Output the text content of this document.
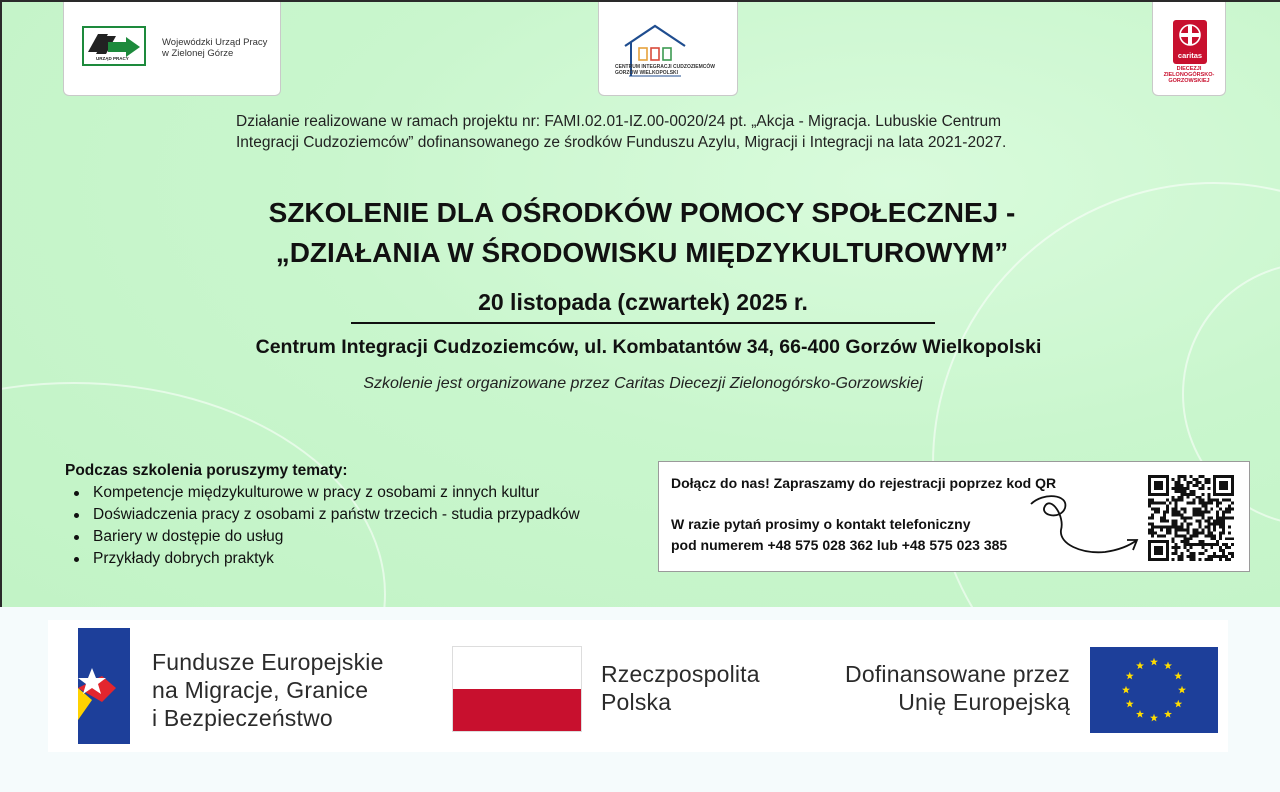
URZĄD PRACY
Wojewódzki Urząd Pracy
w Zielonej Górze
CENTRUM INTEGRACJI CUDZOZIEMCÓW
GORZÓW WIELKOPOLSKI
caritas
DIECEZJI
ZIELONOGÓRSKO-
GORZOWSKIEJ
Działanie realizowane w ramach projektu nr: FAMI.02.01-IZ.00-0020/24 pt. „Akcja - Migracja. Lubuskie Centrum
Integracji Cudzoziemców” dofinansowanego ze środków Funduszu Azylu, Migracji i Integracji na lata 2021-2027.
SZKOLENIE DLA OŚRODKÓW POMOCY SPOŁECZNEJ -
„DZIAŁANIA W ŚRODOWISKU MIĘDZYKULTUROWYM”
20 listopada (czwartek) 2025 r.
Centrum Integracji Cudzoziemców, ul. Kombatantów 34, 66-400 Gorzów Wielkopolski
Szkolenie jest organizowane przez Caritas Diecezji Zielonogórsko-Gorzowskiej
Podczas szkolenia poruszymy tematy:
Kompetencje międzykulturowe w pracy z osobami z innych kultur
Doświadczenia pracy z osobami z państw trzecich - studia przypadków
Bariery w dostępie do usług
Przykłady dobrych praktyk
Dołącz do nas! Zapraszamy do rejestracji poprzez kod QR
W razie pytań prosimy o kontakt telefoniczny
pod numerem +48 575 028 362 lub +48 575 023 385
Fundusze Europejskie
na Migracje, Granice
i Bezpieczeństwo
Rzeczpospolita
Polska
Dofinansowane przez
Unię Europejską
